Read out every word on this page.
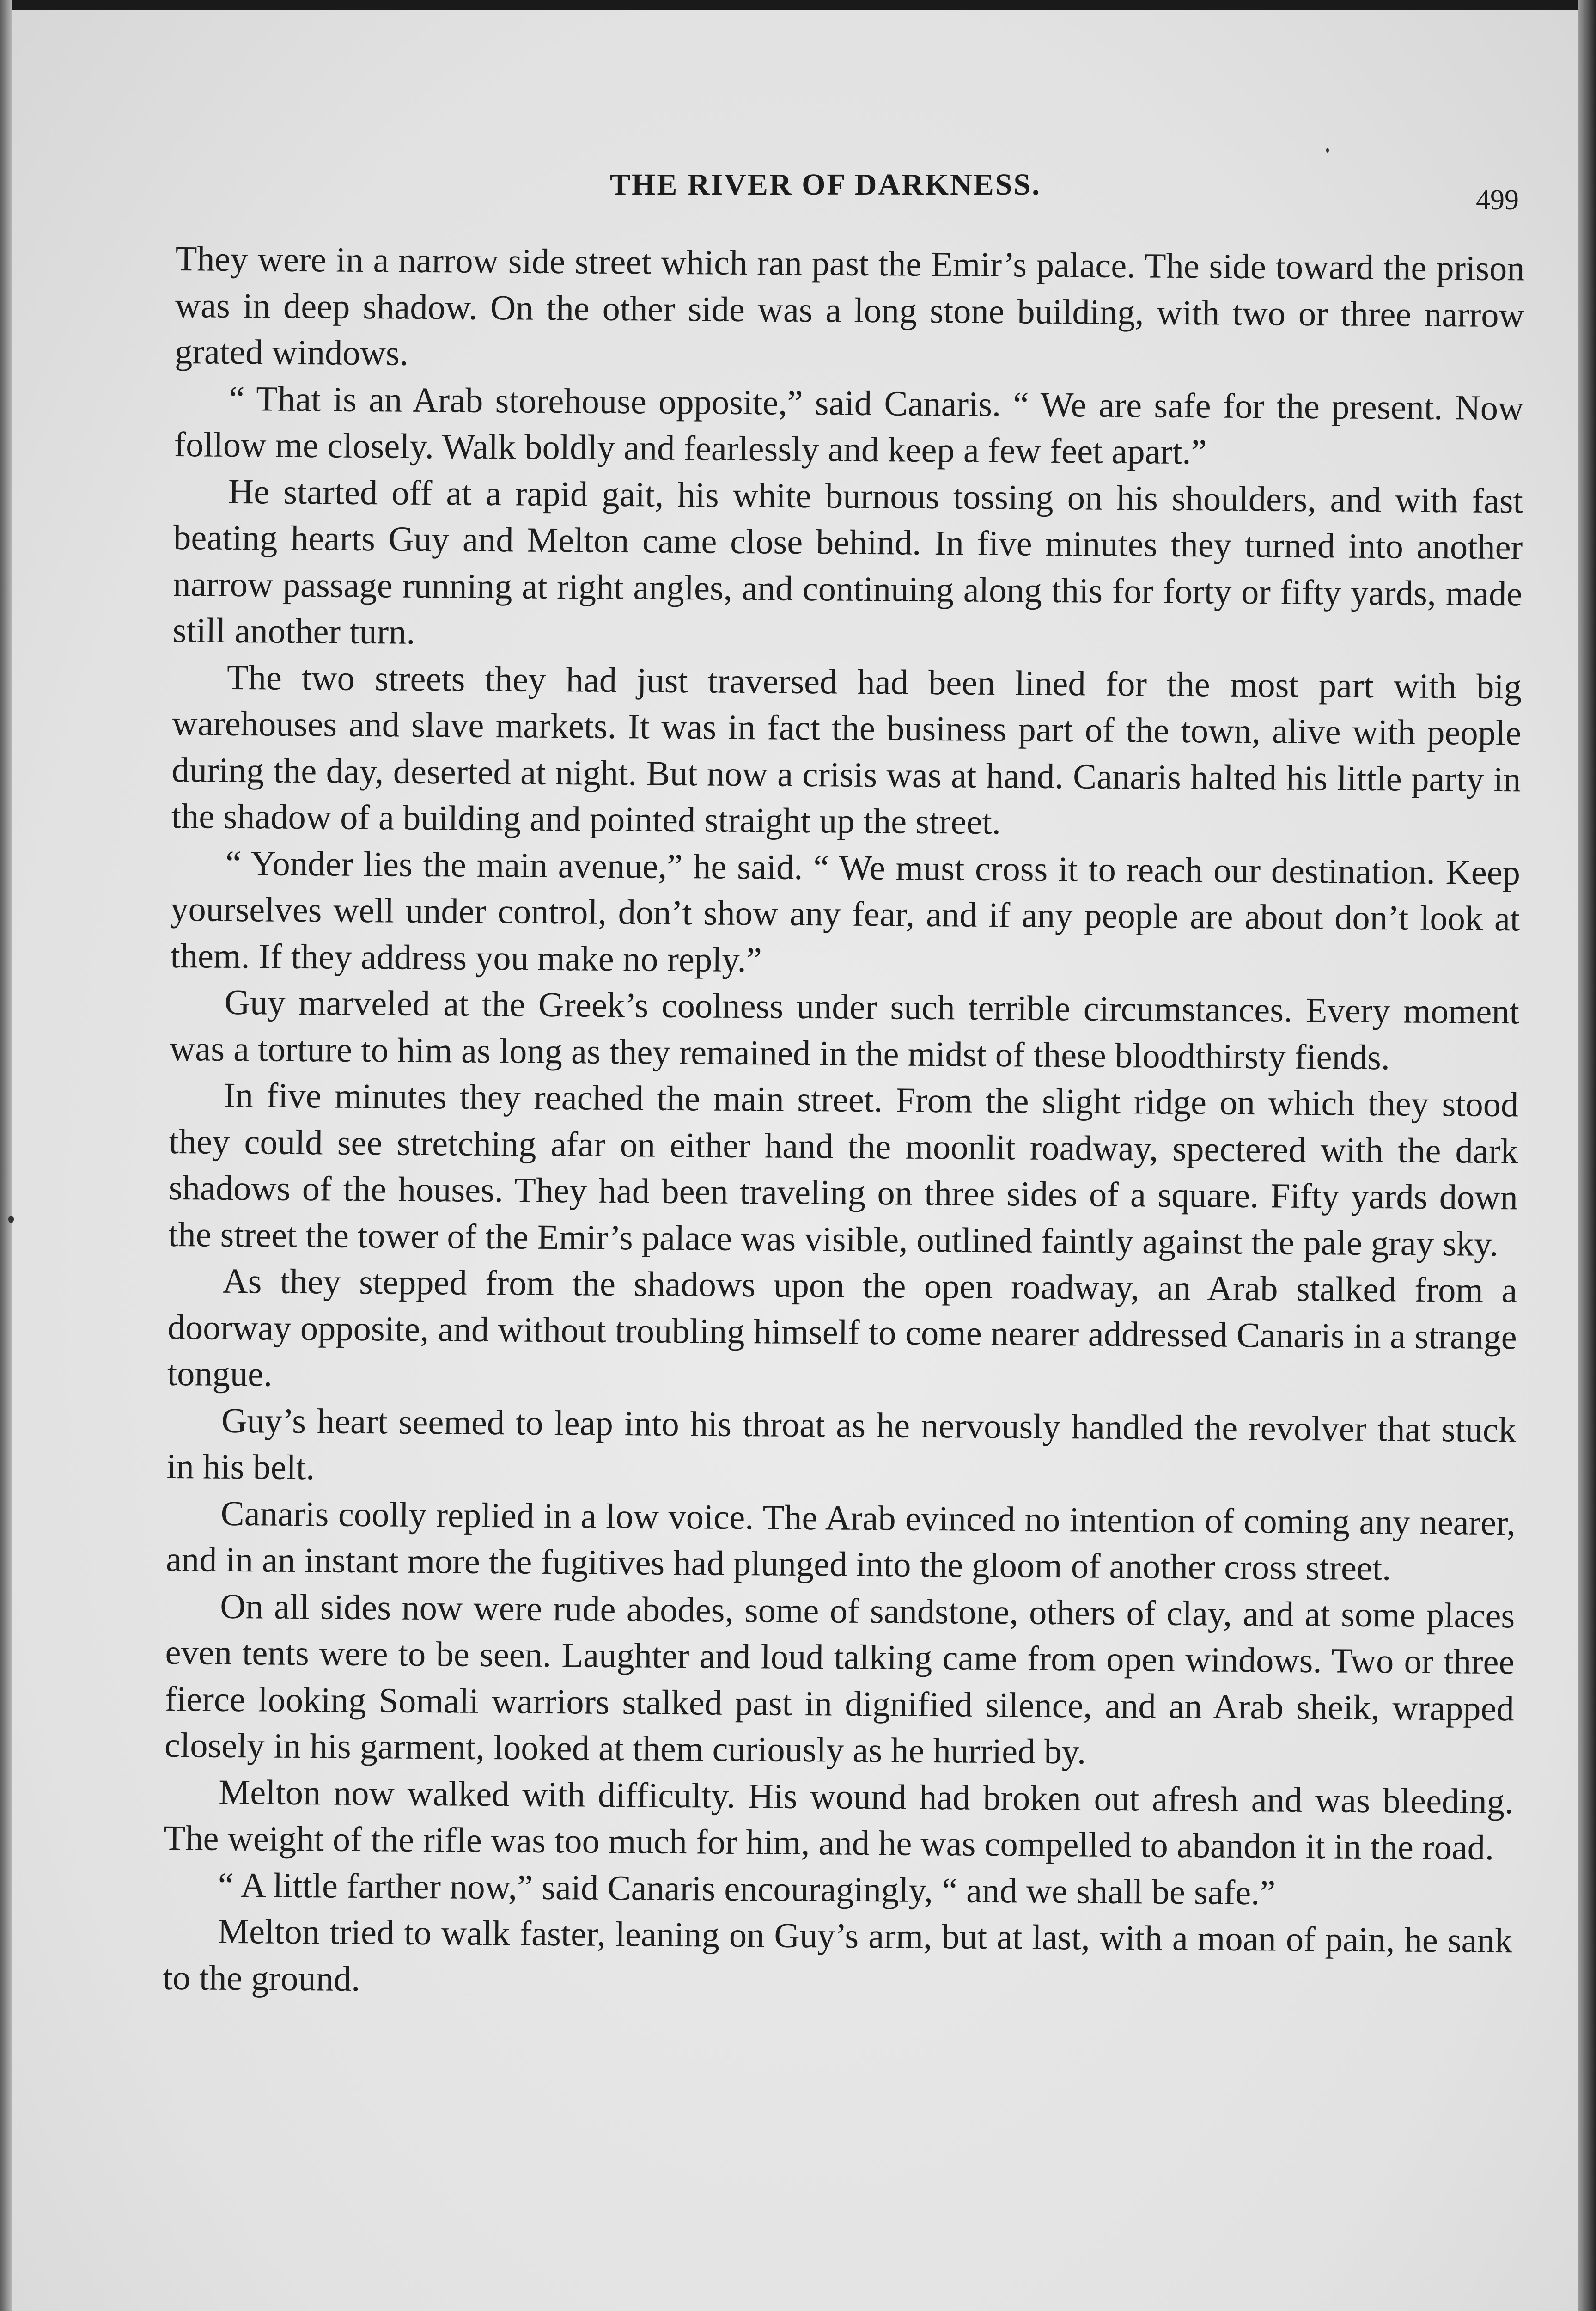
THE RIVER OF DARKNESS.	499

They were in a narrow side street which ran past the Emir’s palace. The side toward the prison was in deep shadow. On the other side was a long stone building, with two or three narrow grated windows.

“ That is an Arab storehouse opposite,” said Canaris. “ We are safe for the present. Now follow me closely. Walk boldly and fearlessly and keep a few feet apart.”

He started off at a rapid gait, his white burnous tossing on his shoulders, and with fast beating hearts Guy and Melton came close behind. In five minutes they turned into another narrow passage running at right angles, and continuing along this for forty or fifty yards, made still another turn.

The two streets they had just traversed had been lined for the most part with big warehouses and slave markets. It was in fact the business part of the town, alive with people during the day, deserted at night. But now a crisis was at hand. Canaris halted his little party in the shadow of a building and pointed straight up the street.

“ Yonder lies the main avenue,” he said. “ We must cross it to reach our destination. Keep yourselves well under control, don’t show any fear, and if any people are about don’t look at them. If they address you make no reply.”

Guy marveled at the Greek’s coolness under such terrible circumstances. Every moment was a torture to him as long as they remained in the midst of these bloodthirsty fiends.

In five minutes they reached the main street. From the slight ridge on which they stood they could see stretching afar on either hand the moonlit roadway, spectered with the dark shadows of the houses. They had been traveling on three sides of a square. Fifty yards down the street the tower of the Emir’s palace was visible, outlined faintly against the pale gray sky.

As they stepped from the shadows upon the open roadway, an Arab stalked from a doorway opposite, and without troubling himself to come nearer addressed Canaris in a strange tongue.

Guy’s heart seemed to leap into his throat as he nervously handled the revolver that stuck in his belt.

Canaris coolly replied in a low voice. The Arab evinced no intention of coming any nearer, and in an instant more the fugitives had plunged into the gloom of another cross street.

On all sides now were rude abodes, some of sandstone, others of clay, and at some places even tents were to be seen. Laughter and loud talking came from open windows. Two or three fierce looking Somali warriors stalked past in dignified silence, and an Arab sheik, wrapped closely in his garment, looked at them curiously as he hurried by.

Melton now walked with difficulty. His wound had broken out afresh and was bleeding. The weight of the rifle was too much for him, and he was compelled to abandon it in the road.

“ A little farther now,” said Canaris encouragingly, “ and we shall be safe.”

Melton tried to walk faster, leaning on Guy’s arm, but at last, with a moan of pain, he sank to the ground.
